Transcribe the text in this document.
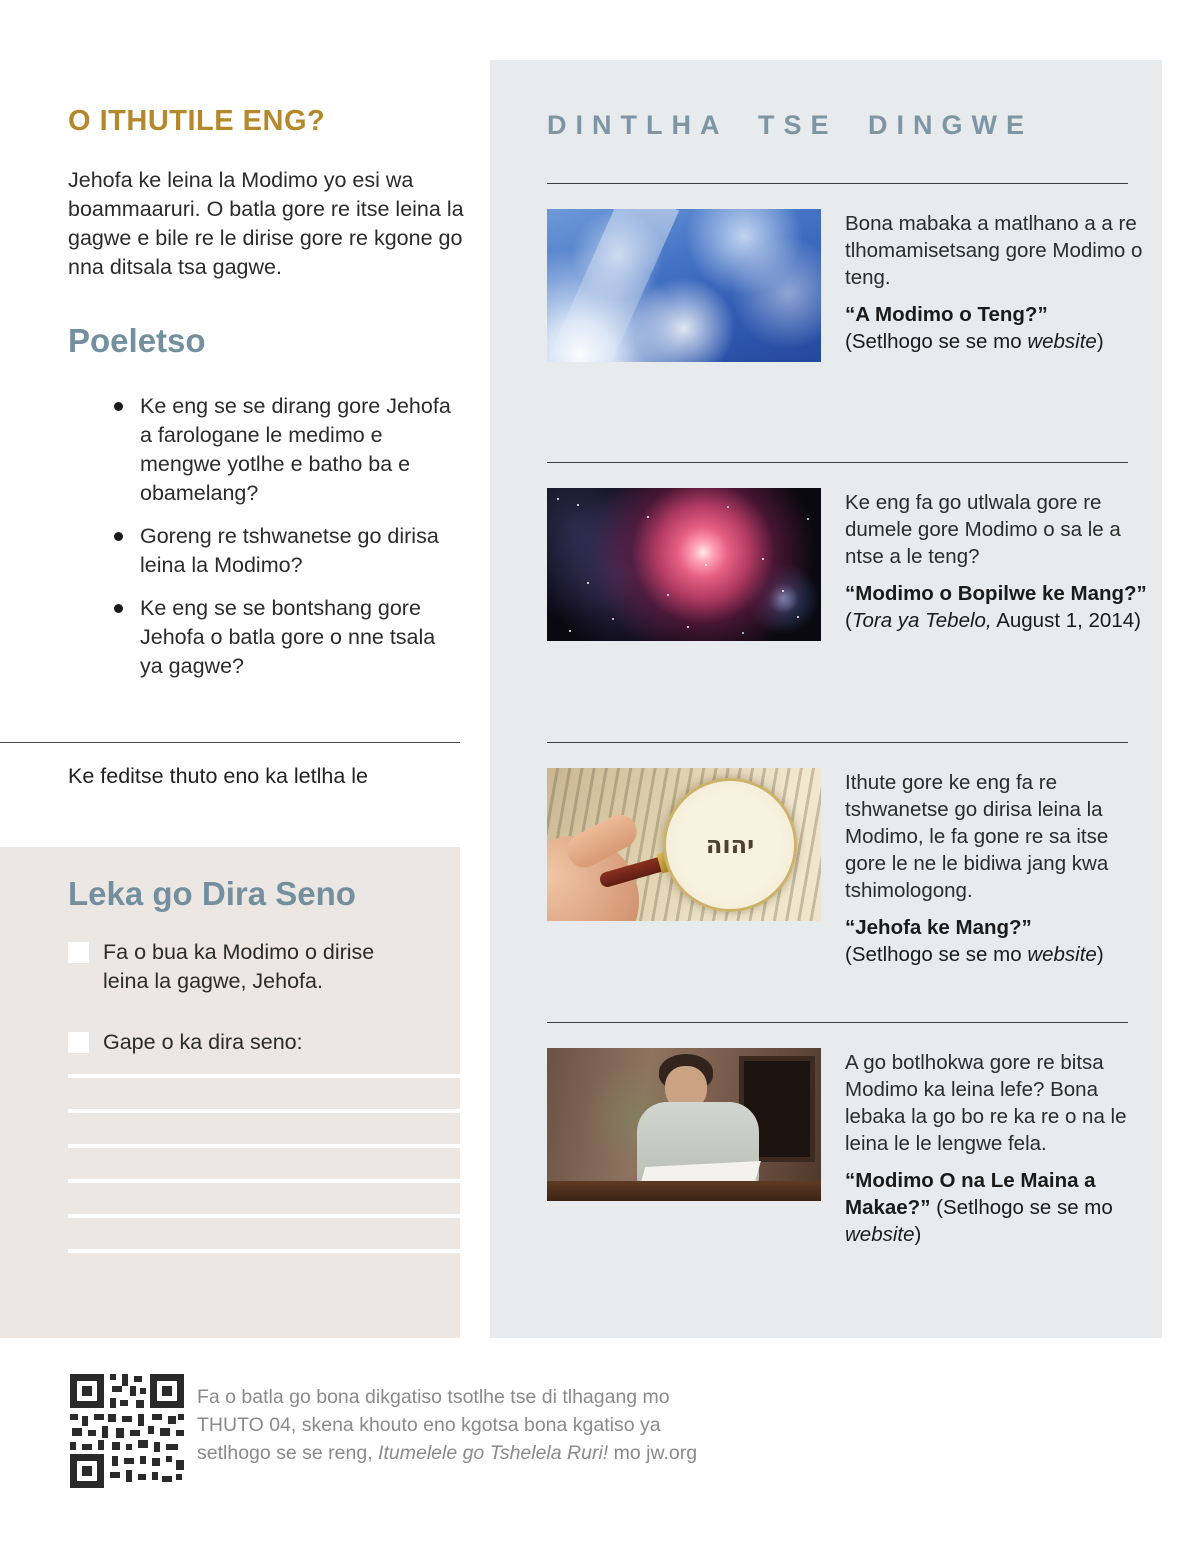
O ITHUTILE ENG?

Jehofa ke leina la Modimo yo esi wa boammaaruri. O batla gore re itse leina la gagwe e bile re le dirise gore re kgone go nna ditsala tsa gagwe.

Poeletso
Ke eng se se dirang gore Jehofa a farologane le medimo e mengwe yotlhe e batho ba e obamelang?
Goreng re tshwanetse go dirisa leina la Modimo?
Ke eng se se bontshang gore Jehofa o batla gore o nne tsala ya gagwe?

Ke feditse thuto eno ka letlha le

Leka go Dira Seno

Fa o bua ka Modimo o dirise leina la gagwe, Jehofa.

Gape o ka dira seno:

DINTLHA TSE DINGWE

Bona mabaka a matlhano a a re tlhomamisetsang gore Modimo o teng.

“A Modimo o Teng?”
(Setlhogo se se mo website)

Ke eng fa go utlwala gore re dumele gore Modimo o sa le a ntse a le teng?

“Modimo o Bopilwe ke Mang?”
(Tora ya Tebelo, August 1, 2014)

יהוה

Ithute gore ke eng fa re tshwanetse go dirisa leina la Modimo, le fa gone re sa itse gore le ne le bidiwa jang kwa tshimologong.

“Jehofa ke Mang?”
(Setlhogo se se mo website)

A go botlhokwa gore re bitsa Modimo ka leina lefe? Bona lebaka la go bo re ka re o na le leina le le lengwe fela.

“Modimo O na Le Maina a Makae?” (Setlhogo se se mo website)

Fa o batla go bona dikgatiso tsotlhe tse di tlhagang mo
THUTO 04, skena khouto eno kgotsa bona kgatiso ya
setlhogo se se reng, Itumelele go Tshelela Ruri! mo jw.org
